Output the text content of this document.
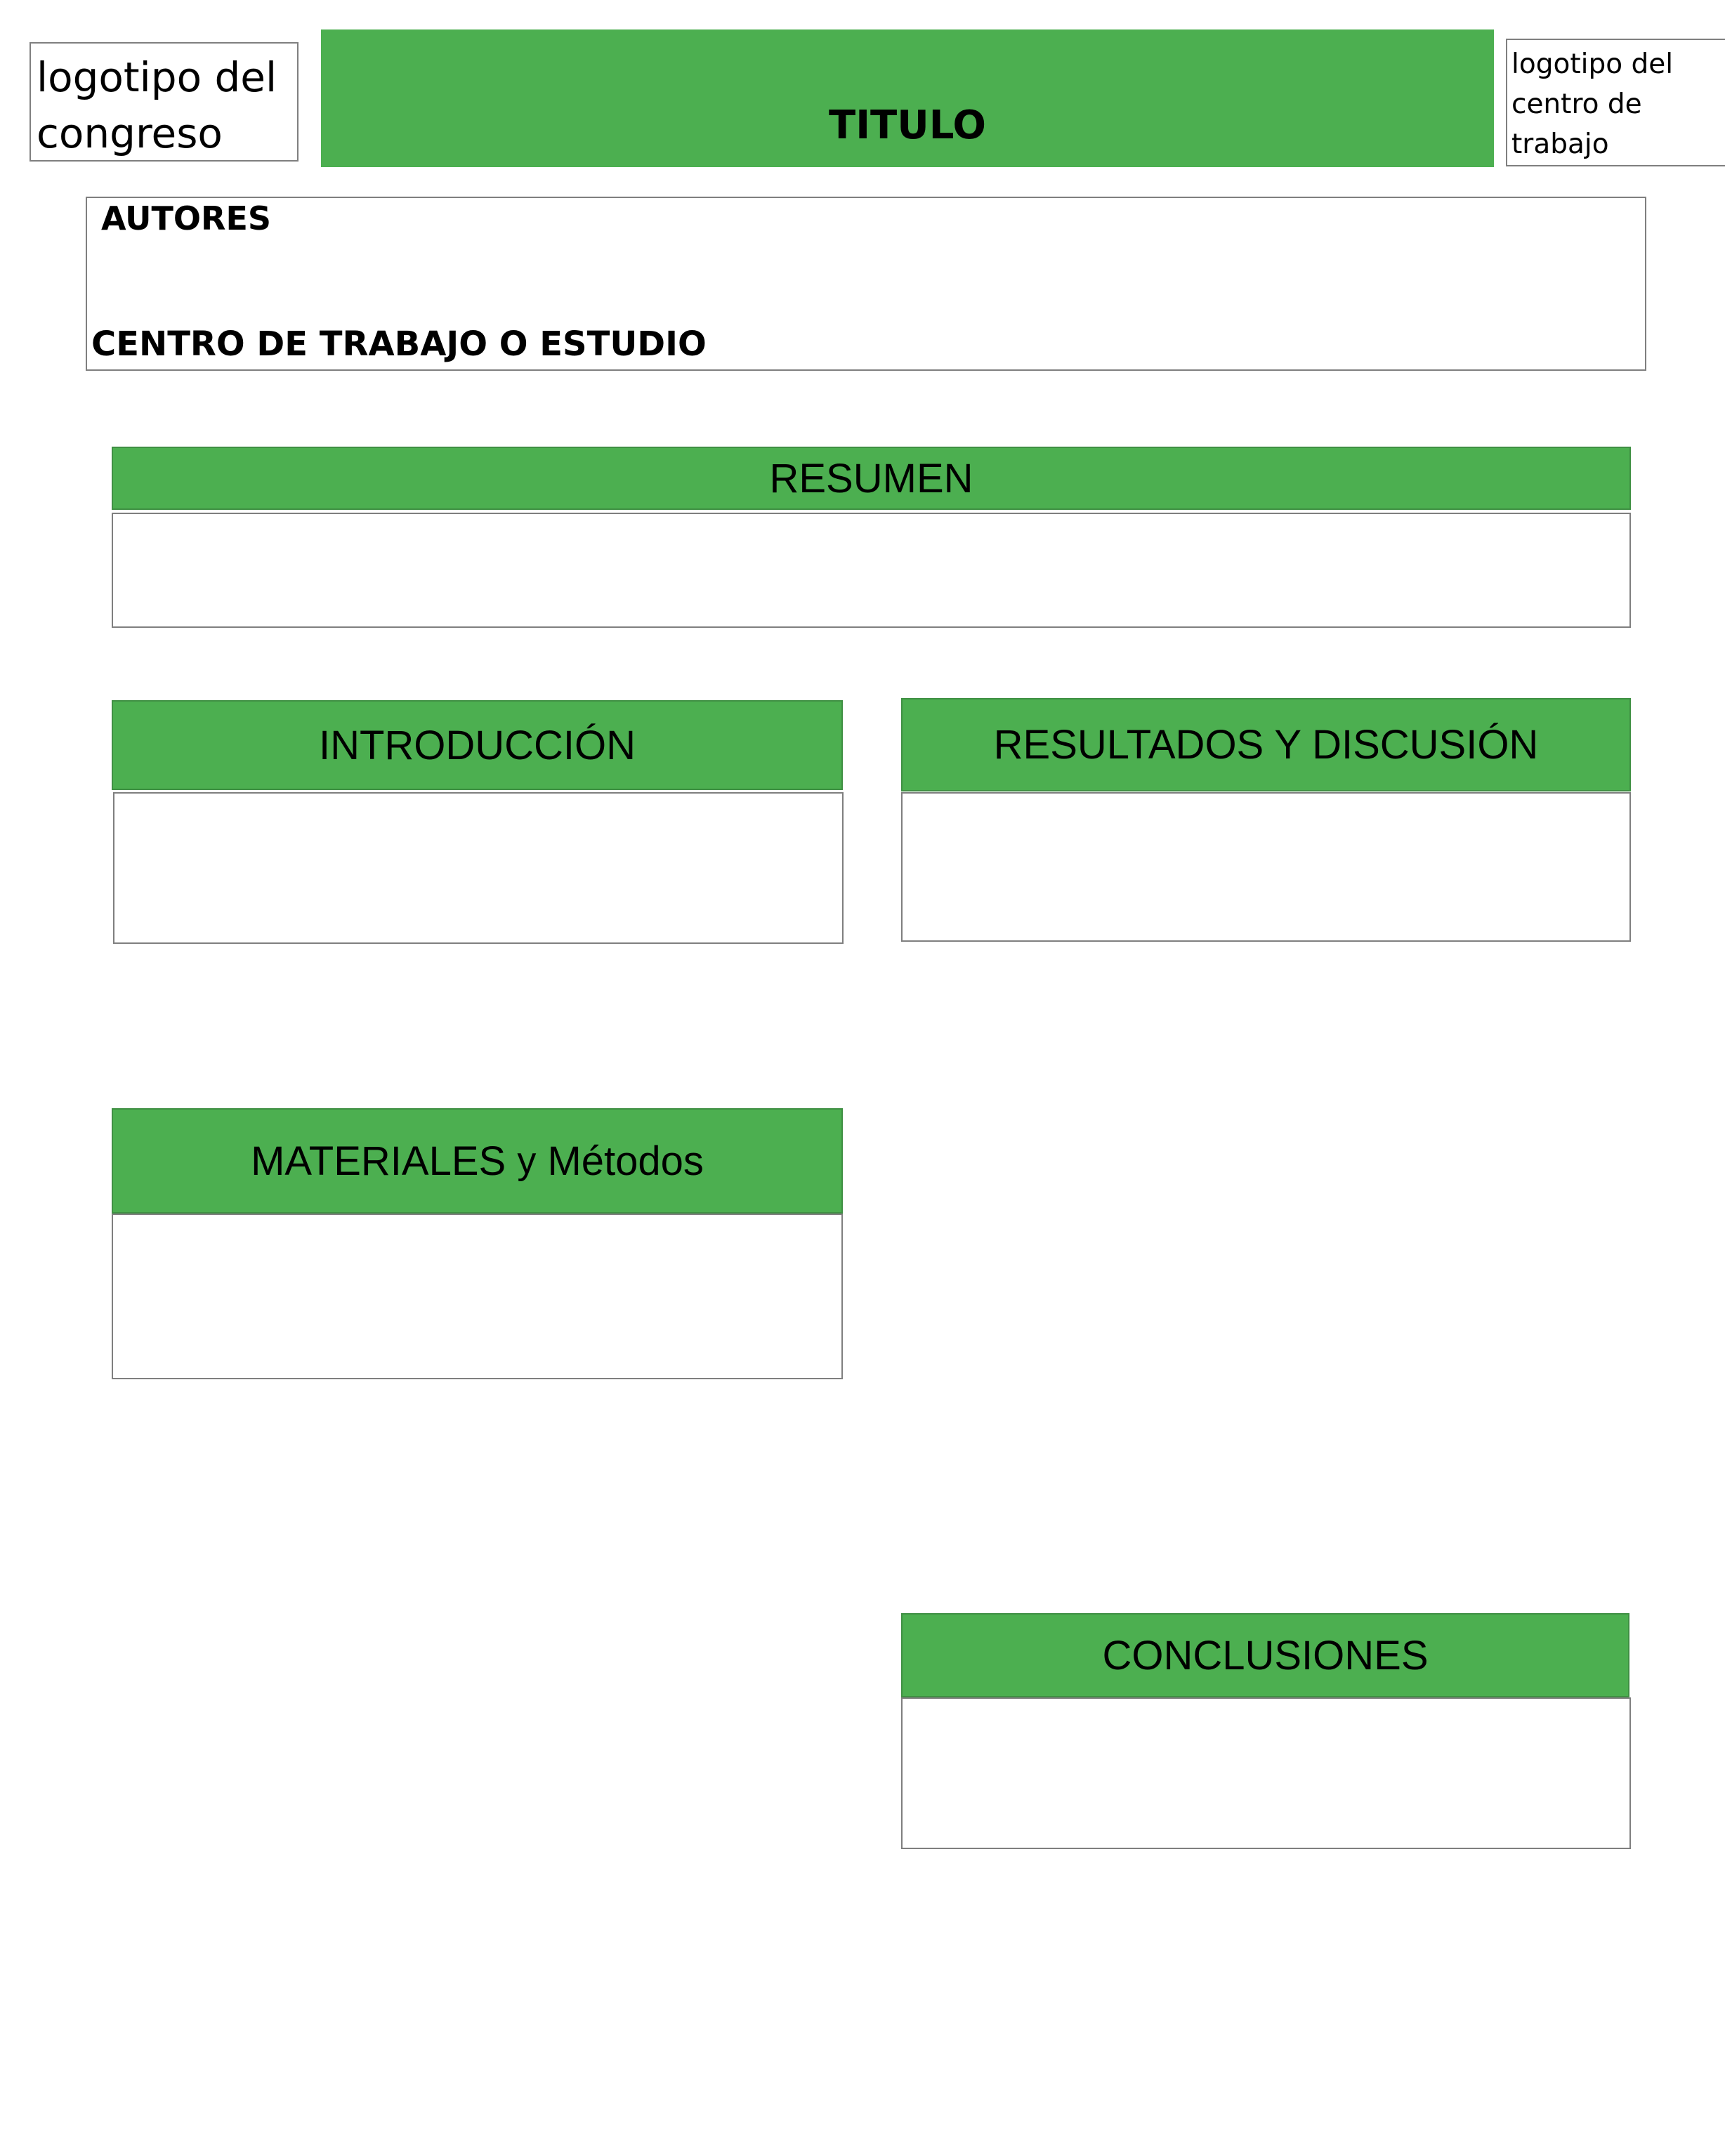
logotipo del
congreso	TITULO
logotipo del
centro de
trabajo
AUTORES
CENTRO DE TRABAJO O ESTUDIO
RESUMEN
INTRODUCCIÓN	RESULTADOS Y DISCUSIÓN
MATERIALES
y
Métodos
CONCLUSIONES
